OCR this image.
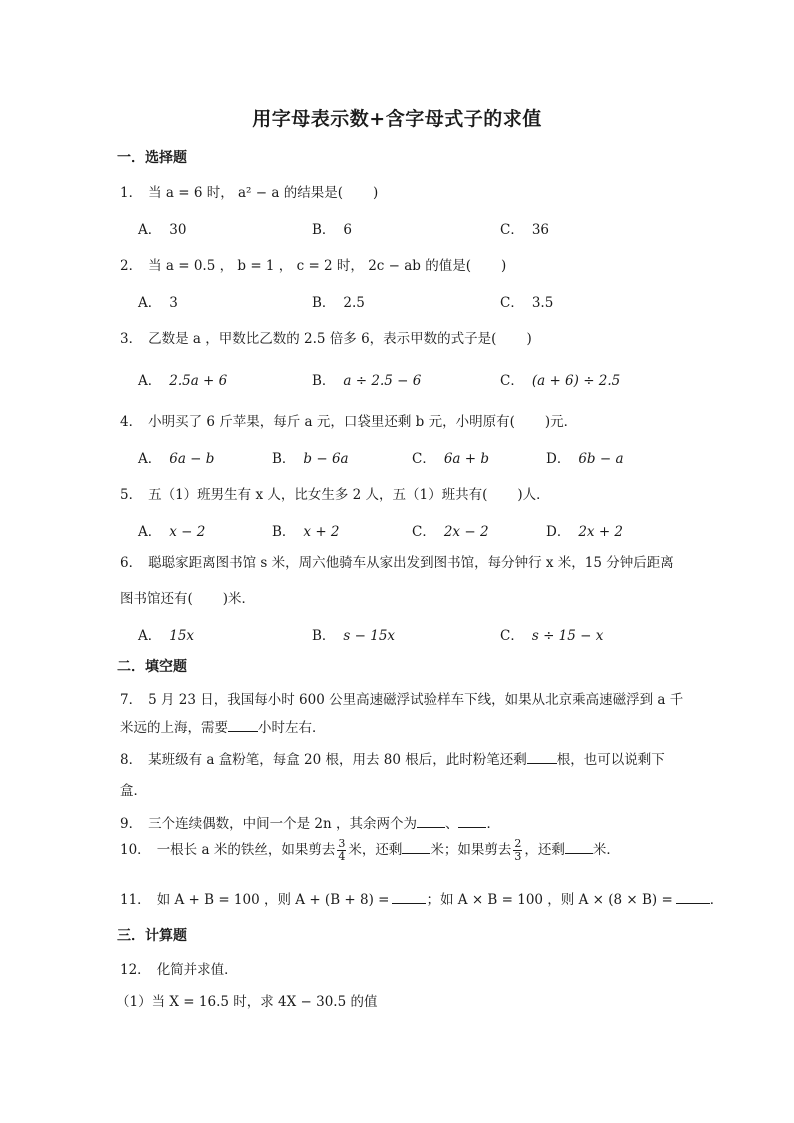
用字母表示数+含字母式子的求值
一．选择题
1． 当 a = 6 时， a² − a 的结果是( )
A． 30	B． 6	C． 36
2． 当 a = 0.5 ， b = 1 ， c = 2 时， 2c − ab 的值是( )
A． 3	B． 2.5	C． 3.5
3． 乙数是 a ，甲数比乙数的 2.5 倍多 6，表示甲数的式子是( )
A． 2.5a + 6	B． a ÷ 2.5 − 6	C． (a + 6) ÷ 2.5
4． 小明买了 6 斤苹果，每斤 a 元，口袋里还剩 b 元，小明原有( )元．
A． 6a − b	B． b − 6a	C． 6a + b	D． 6b − a
5． 五（1）班男生有 x 人，比女生多 2 人，五（1）班共有( )人．
A． x − 2	B． x + 2	C． 2x − 2	D． 2x + 2
6． 聪聪家距离图书馆 s 米，周六他骑车从家出发到图书馆，每分钟行 x 米，15 分钟后距离
图书馆还有( )米．
A． 15x	B． s − 15x	C． s ÷ 15 − x
二．填空题
7． 5 月 23 日，我国每小时 600 公里高速磁浮试验样车下线，如果从北京乘高速磁浮到 a 千
米远的上海，需要 小时左右．
8． 某班级有 a 盒粉笔，每盒 20 根，用去 80 根后，此时粉笔还剩 根，也可以说剩下
盒．
9． 三个连续偶数，中间一个是 2n ，其余两个为 、 ．
10． 一根长 a 米的铁丝，如果剪去 $\frac{3}{4}$ 米，还剩 米；如果剪去 $\frac{2}{3}$ ，还剩 米．
11． 如 A + B = 100 ，则 A + (B + 8) =	；如 A × B = 100 ，则 A × (8 × B) =	．
三．计算题
12． 化简并求值．
（1）当 X = 16.5 时，求 4X − 30.5 的值
